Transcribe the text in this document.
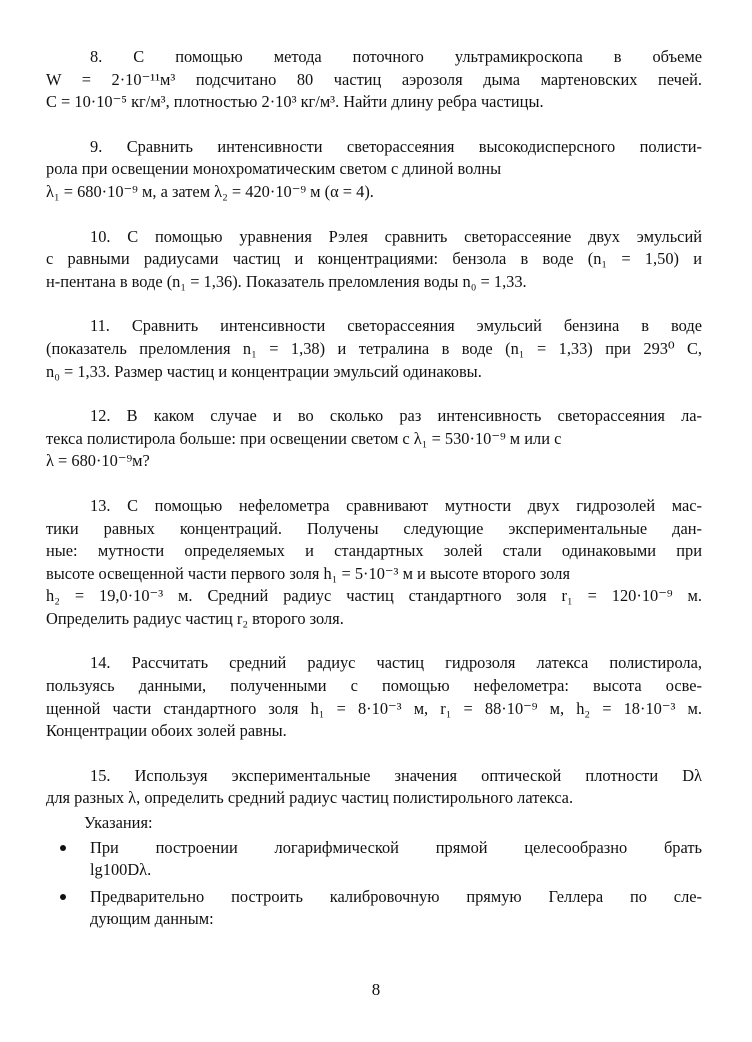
8. С помощью метода поточного ультрамикроскопа в объеме
W = 2·10⁻¹¹м³ подсчитано 80 частиц аэрозоля дыма мартеновских печей.
C = 10·10⁻⁵ кг/м³, плотностью 2·10³ кг/м³. Найти длину ребра частицы.
9. Сравнить интенсивности светорассеяния высокодисперсного полисти-
рола при освещении монохроматическим светом с длиной волны
λ₁ = 680·10⁻⁹ м, а затем λ₂ = 420·10⁻⁹ м (α = 4).
10. С помощью уравнения Рэлея сравнить светорассеяние двух эмульсий
с равными радиусами частиц и концентрациями: бензола в воде (n₁ = 1,50) и
н-пентана в воде (n₁ = 1,36). Показатель преломления воды n₀ = 1,33.
11. Сравнить интенсивности светорассеяния эмульсий бензина в воде
(показатель преломления n₁ = 1,38) и тетралина в воде (n₁ = 1,33) при 293⁰ С,
n₀ = 1,33. Размер частиц и концентрации эмульсий одинаковы.
12. В каком случае и во сколько раз интенсивность светорассеяния ла-
текса полистирола больше: при освещении светом с λ₁ = 530·10⁻⁹ м или с
λ = 680·10⁻⁹м?
13. С помощью нефелометра сравнивают мутности двух гидрозолей мас-
тики равных концентраций. Получены следующие экспериментальные дан-
ные: мутности определяемых и стандартных золей стали одинаковыми при
высоте освещенной части первого золя h₁ = 5·10⁻³ м и высоте второго золя
h₂ = 19,0·10⁻³ м. Средний радиус частиц стандартного золя r₁ = 120·10⁻⁹ м.
Определить радиус частиц r₂ второго золя.
14. Рассчитать средний радиус частиц гидрозоля латекса полистирола,
пользуясь данными, полученными с помощью нефелометра: высота осве-
щенной части стандартного золя h₁ = 8·10⁻³ м, r₁ = 88·10⁻⁹ м, h₂ = 18·10⁻³ м.
Концентрации обоих золей равны.
15. Используя экспериментальные значения оптической плотности Dλ
для разных λ, определить средний радиус частиц полистирольного латекса.
Указания:
При построении логарифмической прямой целесообразно брать
lg100Dλ.
Предварительно построить калибровочную прямую Геллера по сле-
дующим данным:
8
